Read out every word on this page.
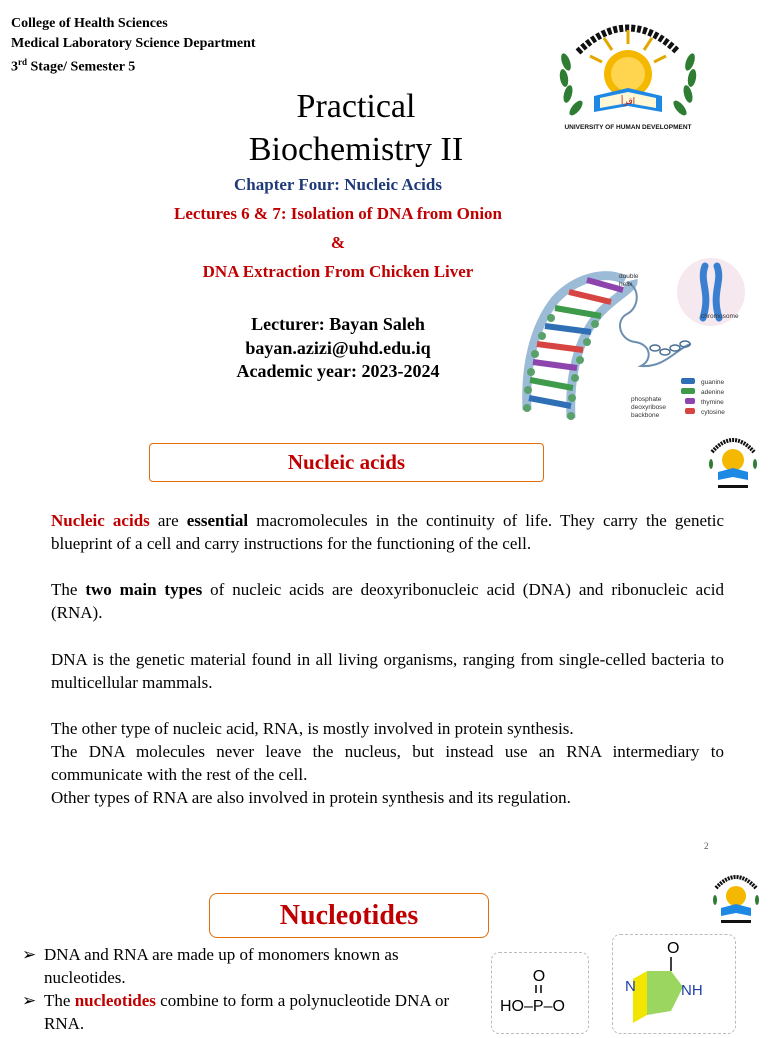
College of Health Sciences
Medical Laboratory Science Department
3rd Stage/ Semester 5
اقرأ
UNIVERSITY OF HUMAN DEVELOPMENT
Practical
Biochemistry II
Chapter Four: Nucleic Acids
Lectures 6 & 7: Isolation of DNA from Onion
&
DNA Extraction From Chicken Liver
Lecturer: Bayan Saleh
bayan.azizi@uhd.edu.iq
Academic year: 2023-2024
double
helix
chromosome
phosphate
deoxyribose
backbone
guanine
adenine
thymine
cytosine
Nucleic acids
Nucleic acids are essential macromolecules in the continuity of life. They carry the genetic blueprint of a cell and carry instructions for the functioning of the cell.
The two main types of nucleic acids are deoxyribonucleic acid (DNA) and ribonucleic acid (RNA).
DNA is the genetic material found in all living organisms, ranging from single-celled bacteria to multicellular mammals.
The other type of nucleic acid, RNA, is mostly involved in protein synthesis.
The DNA molecules never leave the nucleus, but instead use an RNA intermediary to communicate with the rest of the cell.
Other types of RNA are also involved in protein synthesis and its regulation.
2
Nucleotides
➢ DNA and RNA are made up of monomers known as nucleotides.
➢ The nucleotides combine to form a polynucleotide DNA or RNA.
O
HO–P–O
O
N	NH
